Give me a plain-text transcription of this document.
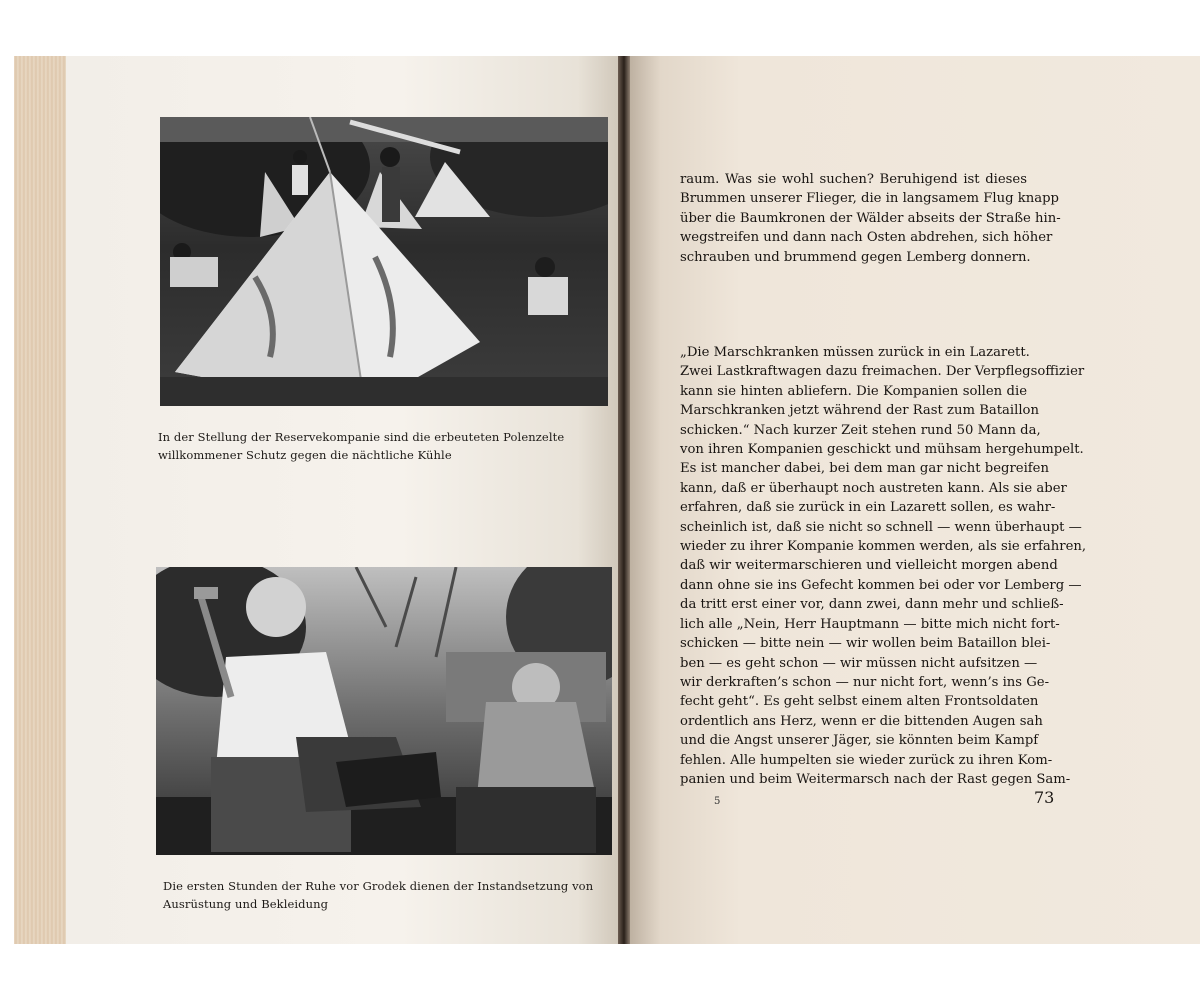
In der Stellung der Reservekompanie sind die erbeuteten Polenzelte willkommener Schutz gegen die nächtliche Kühle
Die ersten Stunden der Ruhe vor Grodek dienen der Instandsetzung von Ausrüstung und Bekleidung
raum. Was sie wohl suchen? Beruhigend ist dieses
Brummen unserer Flieger, die in langsamem Flug knapp
über die Baumkronen der Wälder abseits der Straße hin-
wegstreifen und dann nach Osten abdrehen, sich höher
schrauben und brummend gegen Lemberg donnern.
„Die Marschkranken müssen zurück in ein Lazarett.
Zwei Lastkraftwagen dazu freimachen. Der Verpflegsoffizier
kann sie hinten abliefern. Die Kompanien sollen die
Marschkranken jetzt während der Rast zum Bataillon
schicken.“ Nach kurzer Zeit stehen rund 50 Mann da,
von ihren Kompanien geschickt und mühsam hergehumpelt.
Es ist mancher dabei, bei dem man gar nicht begreifen
kann, daß er überhaupt noch austreten kann. Als sie aber
erfahren, daß sie zurück in ein Lazarett sollen, es wahr-
scheinlich ist, daß sie nicht so schnell — wenn überhaupt —
wieder zu ihrer Kompanie kommen werden, als sie erfahren,
daß wir weitermarschieren und vielleicht morgen abend
dann ohne sie ins Gefecht kommen bei oder vor Lemberg —
da tritt erst einer vor, dann zwei, dann mehr und schließ-
lich alle „Nein, Herr Hauptmann — bitte mich nicht fort-
schicken — bitte nein — wir wollen beim Bataillon blei-
ben — es geht schon — wir müssen nicht aufsitzen —
wir derkraften’s schon — nur nicht fort, wenn’s ins Ge-
fecht geht“. Es geht selbst einem alten Frontsoldaten
ordentlich ans Herz, wenn er die bittenden Augen sah
und die Angst unserer Jäger, sie könnten beim Kampf
fehlen. Alle humpelten sie wieder zurück zu ihren Kom-
panien und beim Weitermarsch nach der Rast gegen Sam-
5	73
